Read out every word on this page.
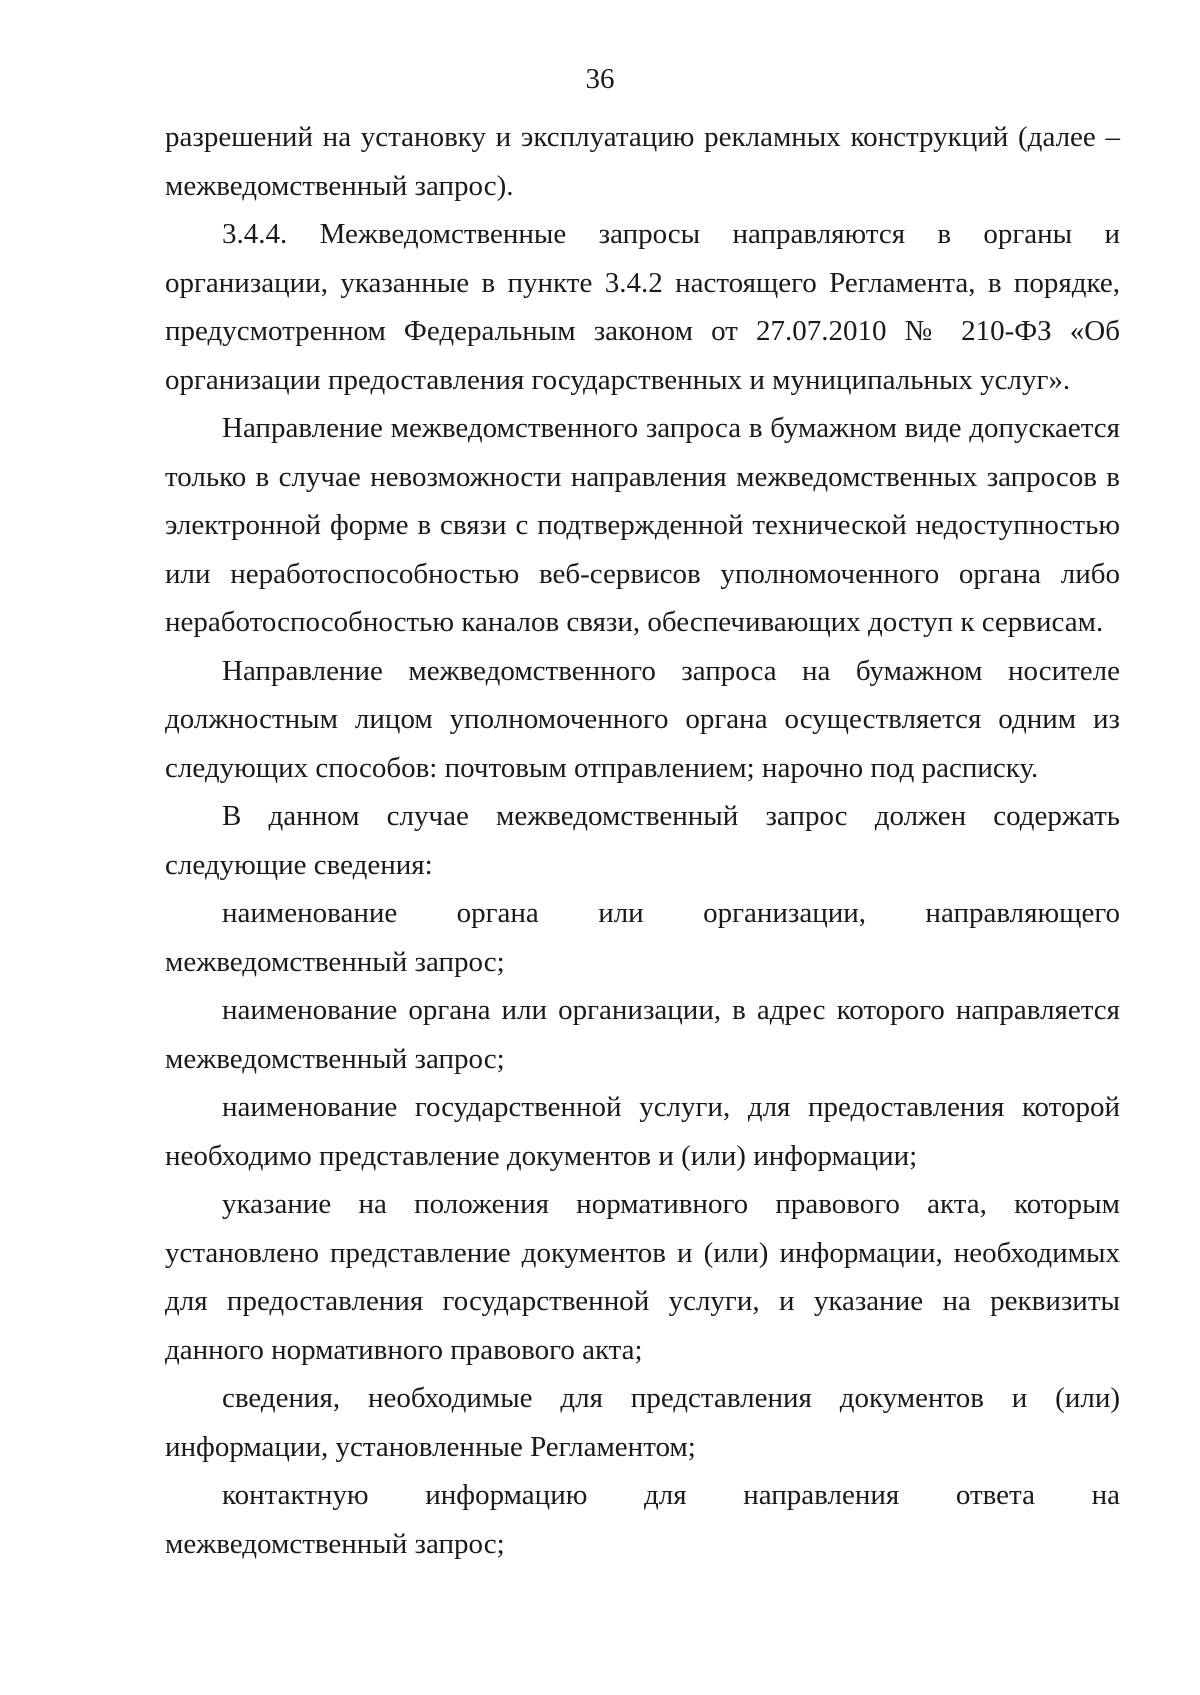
36

разрешений на установку и эксплуатацию рекламных конструкций (далее – межведомственный запрос).

3.4.4. Межведомственные запросы направляются в органы и организации, указанные в пункте 3.4.2 настоящего Регламента, в порядке, предусмотренном Федеральным законом от 27.07.2010 № 210-ФЗ «Об организации предоставления государственных и муниципальных услуг».

Направление межведомственного запроса в бумажном виде допускается только в случае невозможности направления межведомственных запросов в электронной форме в связи с подтвержденной технической недоступностью или неработоспособностью веб-сервисов уполномоченного органа либо неработоспособностью каналов связи, обеспечивающих доступ к сервисам.

Направление межведомственного запроса на бумажном носителе должностным лицом уполномоченного органа осуществляется одним из следующих способов: почтовым отправлением; нарочно под расписку.

В данном случае межведомственный запрос должен содержать следующие сведения:

наименование органа или организации, направляющего межведомственный запрос;

наименование органа или организации, в адрес которого направляется межведомственный запрос;

наименование государственной услуги, для предоставления которой необходимо представление документов и (или) информации;

указание на положения нормативного правового акта, которым установлено представление документов и (или) информации, необходимых для предоставления государственной услуги, и указание на реквизиты данного нормативного правового акта;

сведения, необходимые для представления документов и (или) информации, установленные Регламентом;

контактную информацию для направления ответа на межведомственный запрос;
